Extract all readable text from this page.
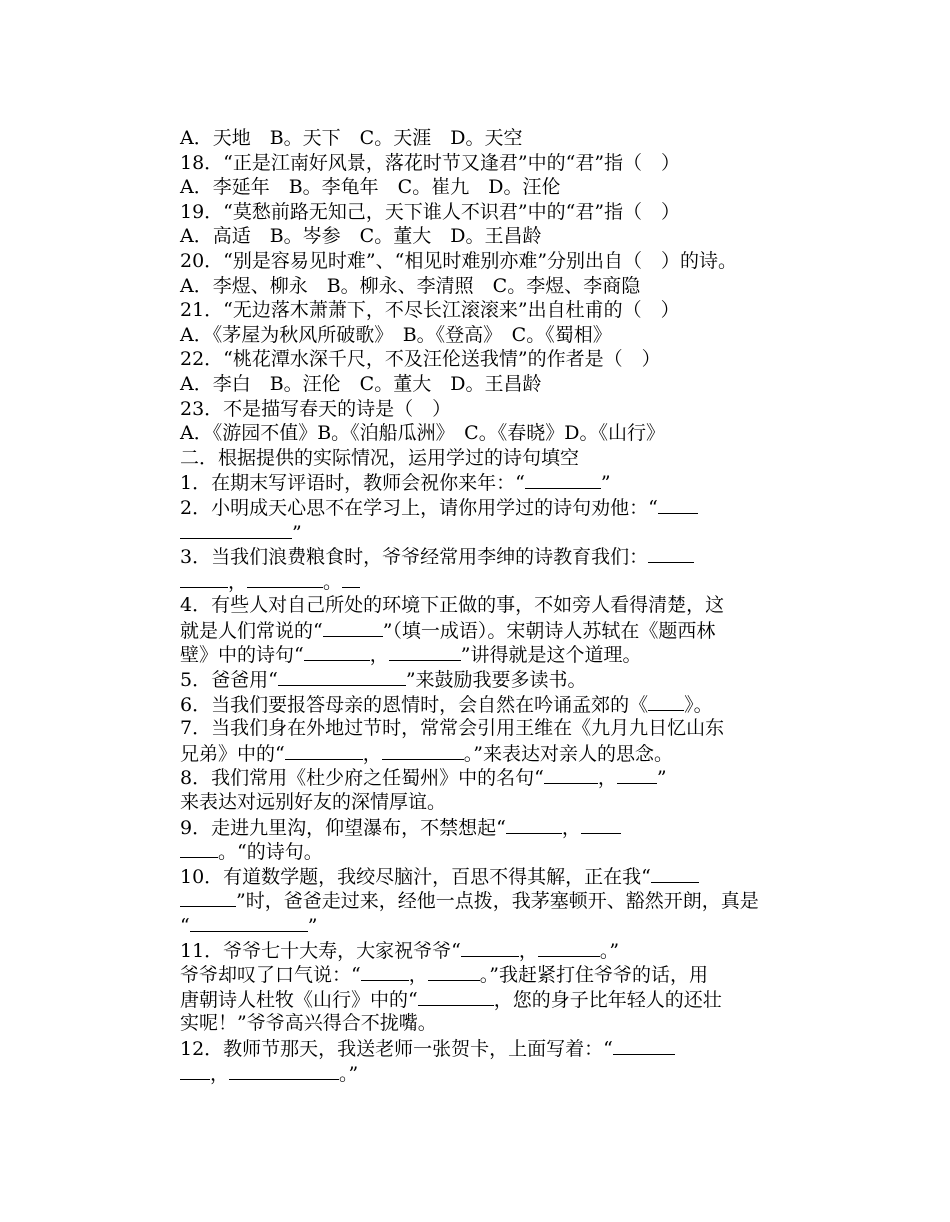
A．天地　B。天下　C。天涯　D。天空
18．“正是江南好风景，落花时节又逢君”中的“君”指（　）
A．李延年　B。李龟年　C。崔九　D。汪伦
19．“莫愁前路无知己，天下谁人不识君”中的“君”指（　）
A．高适　B。岑参　C。董大　D。王昌龄
20．“别是容易见时难”、“相见时难别亦难”分别出自（　）的诗。
A．李煜、柳永　B。柳永、李清照　C。李煜、李商隐
21．“无边落木萧萧下，不尽长江滚滚来”出自杜甫的（　）
A．《茅屋为秋风所破歌》　B。《登高》　C。《蜀相》
22．“桃花潭水深千尺，不及汪伦送我情”的作者是（　）
A．李白　B。汪伦　C。董大　D。王昌龄
23．不是描写春天的诗是（　）
A．《游园不值》B。《泊船瓜洲》　C。《春晓》D。《山行》
二．根据提供的实际情况，运用学过的诗句填空
1．在期末写评语时，教师会祝你来年：“	”
2．小明成天心思不在学习上，请你用学过的诗句劝他：“
”
3．当我们浪费粮食时，爷爷经常用李绅的诗教育我们：
，	。
4．有些人对自己所处的环境下正做的事，不如旁人看得清楚，这
就是人们常说的“	”（填一成语）。宋朝诗人苏轼在《题西林
壁》中的诗句“	，	”讲得就是这个道理。
5．爸爸用“	”来鼓励我要多读书。
6．当我们要报答母亲的恩情时，会自然在吟诵孟郊的《 》。
7．当我们身在外地过节时，常常会引用王维在《九月九日忆山东
兄弟》中的“	，	。”来表达对亲人的思念。
8．我们常用《杜少府之任蜀州》中的名句“	， ”
来表达对远别好友的深情厚谊。
9．走进九里沟，仰望瀑布，不禁想起“	，
。“的诗句。
10．有道数学题，我绞尽脑汁，百思不得其解，正在我“
”时，爸爸走过来，经他一点拨，我茅塞顿开、豁然开朗，真是
“	”
11．爷爷七十大寿，大家祝爷爷“	，	。”
爷爷却叹了口气说：“	，	。”我赶紧打住爷爷的话，用
唐朝诗人杜牧《山行》中的“	，您的身子比年轻人的还壮
实呢！”爷爷高兴得合不拢嘴。
12．教师节那天，我送老师一张贺卡，上面写着：“
，	。”
